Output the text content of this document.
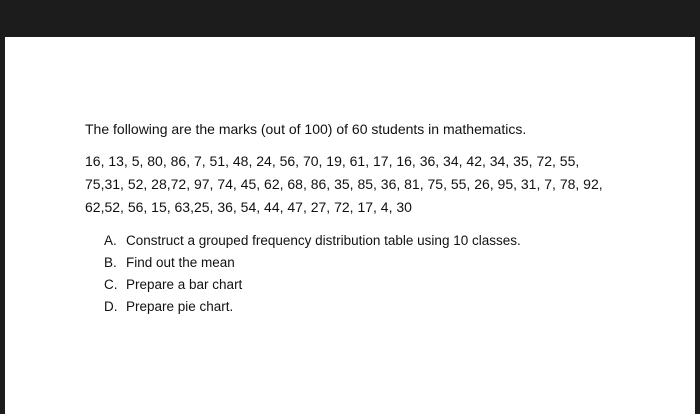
The following are the marks (out of 100) of 60 students in mathematics.

16, 13, 5, 80, 86, 7, 51, 48, 24, 56, 70, 19, 61, 17, 16, 36, 34, 42, 34, 35, 72, 55,
75,31, 52, 28,72, 97, 74, 45, 62, 68, 86, 35, 85, 36, 81, 75, 55, 26, 95, 31, 7, 78, 92,
62,52, 56, 15, 63,25, 36, 54, 44, 47, 27, 72, 17, 4, 30
A. Construct a grouped frequency distribution table using 10 classes.
B. Find out the mean
C. Prepare a bar chart
D. Prepare pie chart.
